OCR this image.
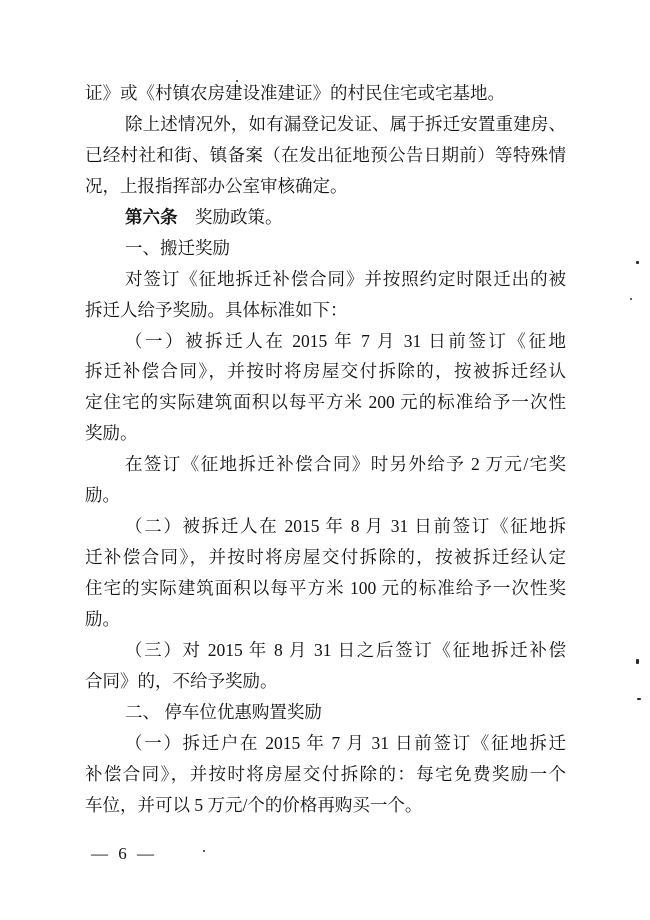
证》或《村镇农房建设准建证》的村民住宅或宅基地。
除上述情况外，如有漏登记发证、属于拆迁安置重建房、
已经村社和街、镇备案（在发出征地预公告日期前）等特殊情
况，上报指挥部办公室审核确定。
第六条　奖励政策。
一、搬迁奖励
对签订《征地拆迁补偿合同》并按照约定时限迁出的被
拆迁人给予奖励。具体标准如下：
（一）被拆迁人在 2015 年 7 月 31 日前签订《征地
拆迁补偿合同》，并按时将房屋交付拆除的，按被拆迁经认
定住宅的实际建筑面积以每平方米 200 元的标准给予一次性
奖励。
在签订《征地拆迁补偿合同》时另外给予 2 万元/宅奖
励。
（二）被拆迁人在 2015 年 8 月 31 日前签订《征地拆
迁补偿合同》，并按时将房屋交付拆除的，按被拆迁经认定
住宅的实际建筑面积以每平方米 100 元的标准给予一次性奖
励。
（三）对 2015 年 8 月 31 日之后签订《征地拆迁补偿
合同》的，不给予奖励。
二、 停车位优惠购置奖励
（一）拆迁户在 2015 年 7 月 31 日前签订《征地拆迁
补偿合同》，并按时将房屋交付拆除的：每宅免费奖励一个
车位，并可以 5 万元/个的价格再购买一个。
— 6 —
